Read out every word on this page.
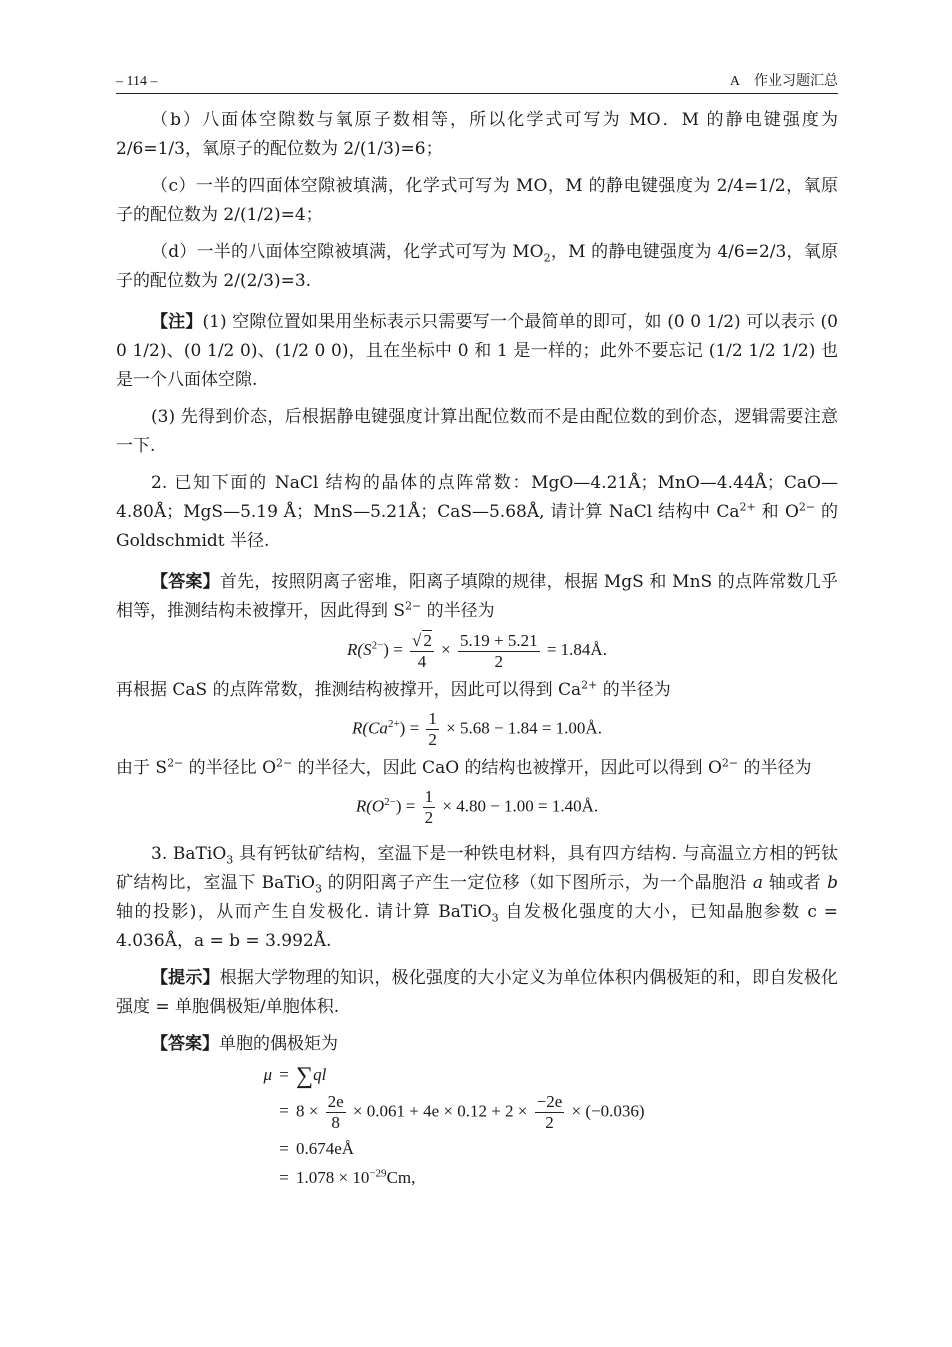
– 114 –	A 作业习题汇总

（b）八面体空隙数与氧原子数相等，所以化学式可写为 MO．M 的静电键强度为 2/6=1/3，氧原子的配位数为 2/(1/3)=6；

（c）一半的四面体空隙被填满，化学式可写为 MO，M 的静电键强度为 2/4=1/2，氧原子的配位数为 2/(1/2)=4；

（d）一半的八面体空隙被填满，化学式可写为 $MO_2$，M 的静电键强度为 4/6=2/3，氧原子的配位数为 2/(2/3)=3.

【注】(1) 空隙位置如果用坐标表示只需要写一个最简单的即可，如 (0 0 1/2) 可以表示 (0 0 1/2)、(0 1/2 0)、(1/2 0 0)，且在坐标中 0 和 1 是一样的；此外不要忘记 (1/2 1/2 1/2) 也是一个八面体空隙.

(3) 先得到价态，后根据静电键强度计算出配位数而不是由配位数的到价态，逻辑需要注意一下.

2. 已知下面的 NaCl 结构的晶体的点阵常数：MgO—4.21Å；MnO—4.44Å；CaO—4.80Å；MgS—5.19 Å；MnS—5.21Å；CaS—5.68Å, 请计算 NaCl 结构中 $Ca^{2+}$ 和 $O^{2-}$ 的 Goldschmidt 半径.

【答案】首先，按照阴离子密堆，阳离子填隙的规律，根据 MgS 和 MnS 的点阵常数几乎相等，推测结构未被撑开，因此得到 $S^{2-}$ 的半径为

$R(S^{2-}) = \frac{√ 2}{4} \times \frac{5.19 + 5.21}{2}$ = 1.84Å.

再根据 CaS 的点阵常数，推测结构被撑开，因此可以得到 $Ca^{2+}$ 的半径为

$R(Ca^{2+}) = \frac{1}{2} \times 5.68 - 1.84$ = 1.00Å.

由于 $S^{2-}$ 的半径比 $O^{2-}$ 的半径大，因此 CaO 的结构也被撑开，因此可以得到 $O^{2-}$ 的半径为

$R(O^{2-}) = \frac{1}{2} \times 4.80 - 1.00$ = 1.40Å.

3. BaTiO$_3$ 具有钙钛矿结构，室温下是一种铁电材料，具有四方结构. 与高温立方相的钙钛矿结构比，室温下 BaTiO$_3$ 的阴阳离子产生一定位移（如下图所示，为一个晶胞沿 a 轴或者 b 轴的投影)，从而产生自发极化. 请计算 BaTiO$_3$ 自发极化强度的大小，已知晶胞参数 c = 4.036Å，a = b = 3.992Å.

【提示】根据大学物理的知识，极化强度的大小定义为单位体积内偶极矩的和，即自发极化强度 = 单胞偶极矩/单胞体积.

【答案】单胞的偶极矩为

μ = ∑ql
= $8 \times \frac{2e}{8} \times 0.061 + 4e \times 0.12 + 2 \times \frac{-2e}{2} \times (-0.036)$
= 0.674eÅ
= $1.078 \times 10^{-29}Cm$,
